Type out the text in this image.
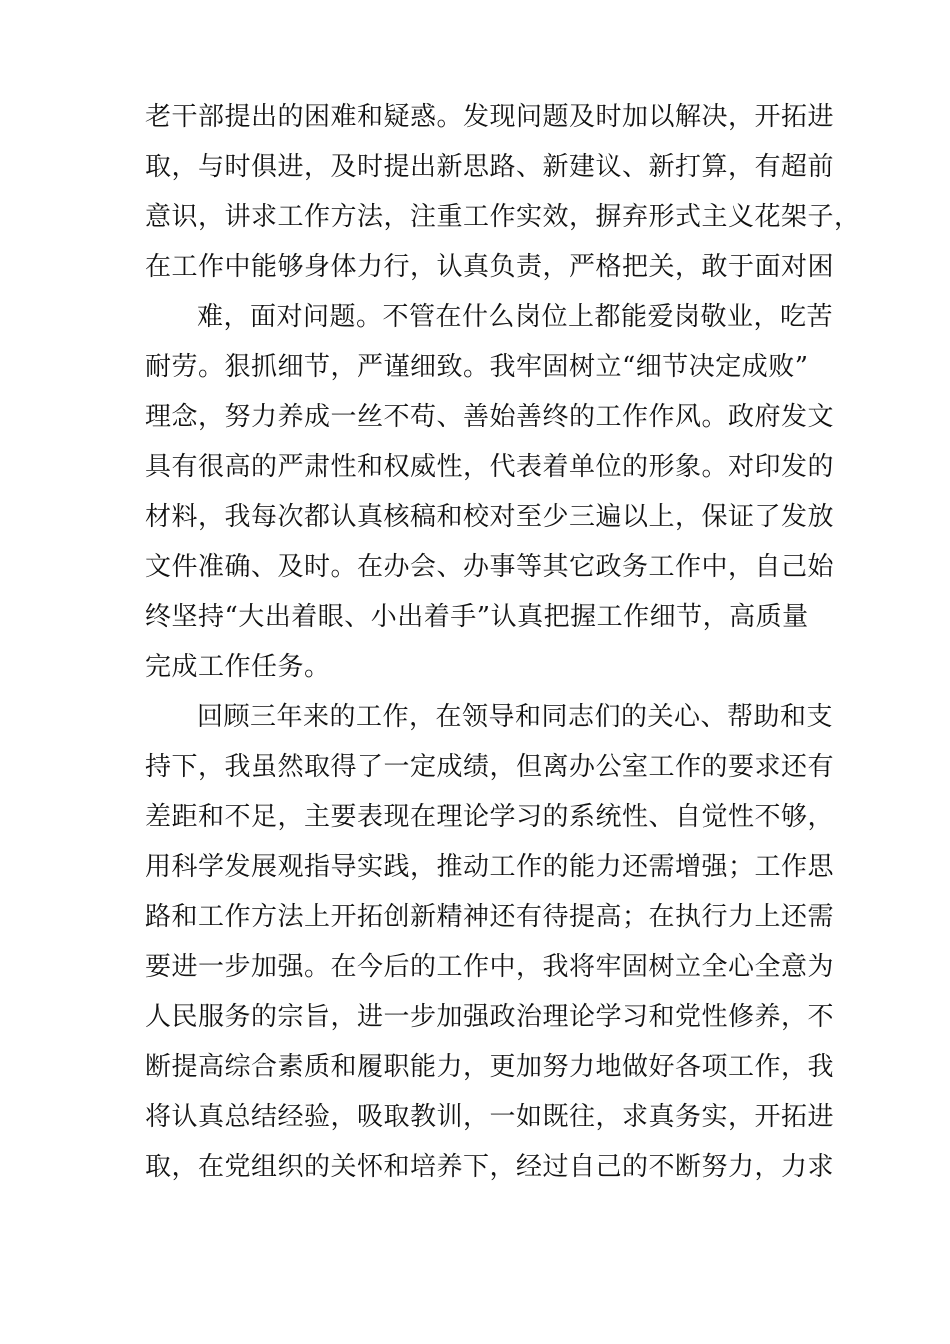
老干部提出的困难和疑惑。发现问题及时加以解决，开拓进
取，与时俱进，及时提出新思路、新建议、新打算，有超前
意识，讲求工作方法，注重工作实效，摒弃形式主义花架子，
在工作中能够身体力行，认真负责，严格把关，敢于面对困
难，面对问题。不管在什么岗位上都能爱岗敬业，吃苦
耐劳。狠抓细节，严谨细致。我牢固树立“细节决定成败”
理念，努力养成一丝不苟、善始善终的工作作风。政府发文
具有很高的严肃性和权威性，代表着单位的形象。对印发的
材料，我每次都认真核稿和校对至少三遍以上，保证了发放
文件准确、及时。在办会、办事等其它政务工作中，自己始
终坚持“大出着眼、小出着手”认真把握工作细节，高质量
完成工作任务。
回顾三年来的工作，在领导和同志们的关心、帮助和支
持下，我虽然取得了一定成绩，但离办公室工作的要求还有
差距和不足，主要表现在理论学习的系统性、自觉性不够，
用科学发展观指导实践，推动工作的能力还需增强；工作思
路和工作方法上开拓创新精神还有待提高；在执行力上还需
要进一步加强。在今后的工作中，我将牢固树立全心全意为
人民服务的宗旨，进一步加强政治理论学习和党性修养，不
断提高综合素质和履职能力，更加努力地做好各项工作，我
将认真总结经验，吸取教训，一如既往，求真务实，开拓进
取，在党组织的关怀和培养下，经过自己的不断努力，力求
